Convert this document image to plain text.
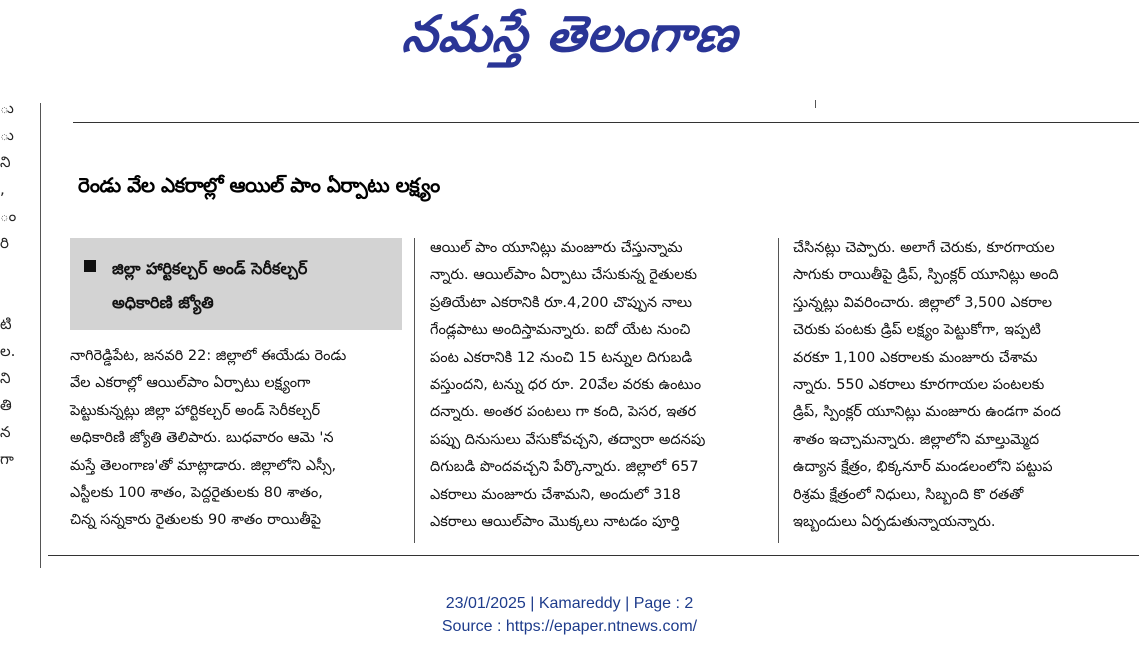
నమస్తే తెలంగాణ
ు
ు
ని
,
ం
రి
టి
ల.
ని
తి
న
గా
రెండు వేల ఎకరాల్లో ఆయిల్ పాం ఏర్పాటు లక్ష్యం
జిల్లా హార్టికల్చర్ అండ్ సెరీకల్చర్
అధికారిణి జ్యోతి
నాగిరెడ్డిపేట, జనవరి 22: జిల్లాలో ఈయేడు రెండు
వేల ఎకరాల్లో ఆయిల్‌పాం ఏర్పాటు లక్ష్యంగా
పెట్టుకున్నట్లు జిల్లా హార్టికల్చర్ అండ్ సెరీకల్చర్
అధికారిణి జ్యోతి తెలిపారు. బుధవారం ఆమె 'న
మస్తే తెలంగాణ'తో మాట్లాడారు. జిల్లాలోని ఎస్సీ,
ఎస్టీలకు 100 శాతం, పెద్దరైతులకు 80 శాతం,
చిన్న సన్నకారు రైతులకు 90 శాతం రాయితీపై
ఆయిల్ పాం యూనిట్లు మంజూరు చేస్తున్నామ
న్నారు. ఆయిల్‌పాం ఏర్పాటు చేసుకున్న రైతులకు
ప్రతియేటా ఎకరానికి రూ.4,200 చొప్పున నాలు
గేండ్లపాటు అందిస్తామన్నారు. ఐదో యేట నుంచి
పంట ఎకరానికి 12 నుంచి 15 టన్నుల దిగుబడి
వస్తుందని, టన్ను ధర రూ. 20వేల వరకు ఉంటుం
దన్నారు. అంతర పంటలు గా కంది, పెసర, ఇతర
పప్పు దినుసులు వేసుకోవచ్చని, తద్వారా అదనపు
దిగుబడి పొందవచ్చని పేర్కొన్నారు. జిల్లాలో 657
ఎకరాలు మంజూరు చేశామని, అందులో 318
ఎకరాలు ఆయిల్‌పాం మొక్కలు నాటడం పూర్తి
చేసినట్లు చెప్పారు. అలాగే చెరుకు, కూరగాయల
సాగుకు రాయితీపై డ్రిప్, స్పింక్లర్ యూనిట్లు అంది
స్తున్నట్లు వివరించారు. జిల్లాలో 3,500 ఎకరాల
చెరుకు పంటకు డ్రిప్ లక్ష్యం పెట్టుకోగా, ఇప్పటి
వరకూ 1,100 ఎకరాలకు మంజూరు చేశామ
న్నారు. 550 ఎకరాలు కూరగాయల పంటలకు
డ్రిప్, స్పింక్లర్ యూనిట్లు మంజూరు ఉండగా వంద
శాతం ఇచ్చామన్నారు. జిల్లాలోని మాల్తుమ్మెద
ఉద్యాన క్షేత్రం, భిక్కనూర్ మండలంలోని పట్టుప
రిశ్రమ క్షేత్రంలో నిధులు, సిబ్బంది కొ రతతో
ఇబ్బందులు ఏర్పడుతున్నాయన్నారు.
23/01/2025 | Kamareddy | Page : 2
Source : https://epaper.ntnews.com/
